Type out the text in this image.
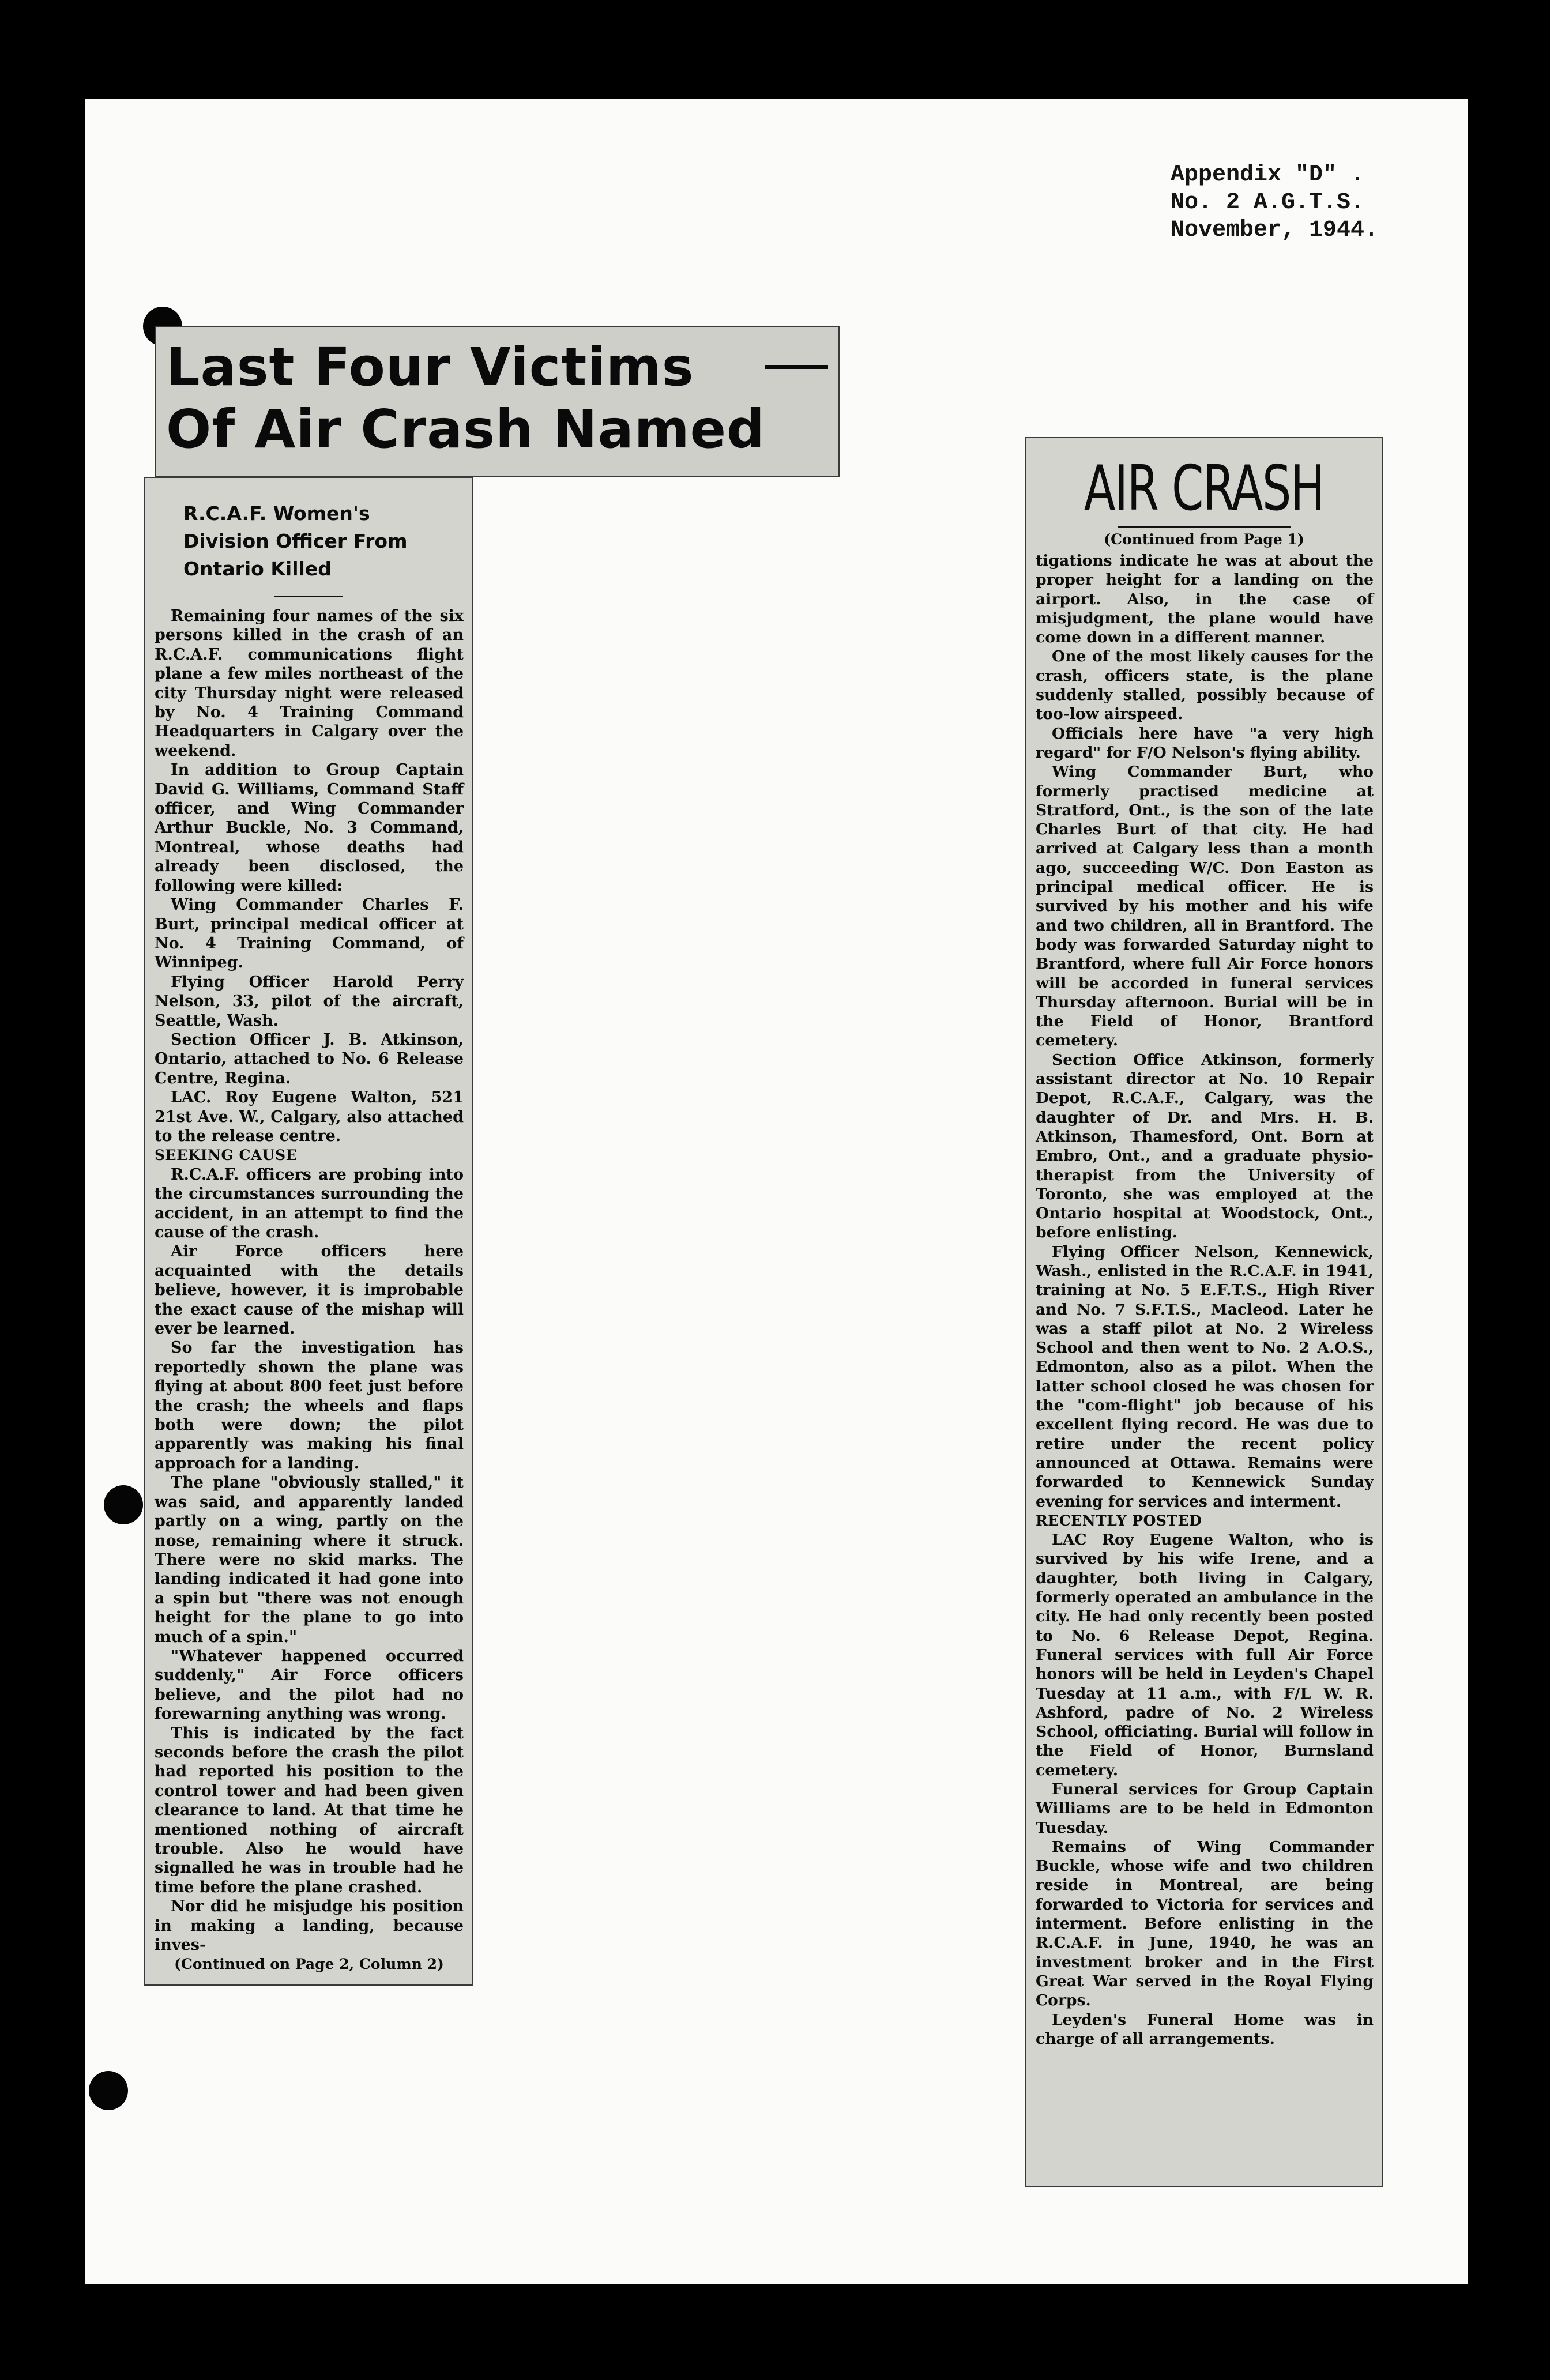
Appendix "D" .
No. 2 A.G.T.S.
November, 1944.
Last Four Victims
Of Air Crash Named
R.C.A.F. Women's Division Officer From Ontario Killed

Remaining four names of the six persons killed in the crash of an R.C.A.F. communications flight plane a few miles northeast of the city Thursday night were released by No. 4 Training Command Headquarters in Calgary over the weekend.

In addition to Group Captain David G. Williams, Command Staff officer, and Wing Commander Arthur Buckle, No. 3 Command, Montreal, whose deaths had already been disclosed, the following were killed:

Wing Commander Charles F. Burt, principal medical officer at No. 4 Training Command, of Winnipeg.

Flying Officer Harold Perry Nelson, 33, pilot of the aircraft, Seattle, Wash.

Section Officer J. B. Atkinson, Ontario, attached to No. 6 Release Centre, Regina.

LAC. Roy Eugene Walton, 521 21st Ave. W., Calgary, also attached to the release centre.

SEEKING CAUSE

R.C.A.F. officers are probing into the circumstances surrounding the accident, in an attempt to find the cause of the crash.

Air Force officers here acquainted with the details believe, however, it is improbable the exact cause of the mishap will ever be learned.

So far the investigation has reportedly shown the plane was flying at about 800 feet just before the crash; the wheels and flaps both were down; the pilot apparently was making his final approach for a landing.

The plane "obviously stalled," it was said, and apparently landed partly on a wing, partly on the nose, remaining where it struck. There were no skid marks. The landing indicated it had gone into a spin but "there was not enough height for the plane to go into much of a spin."

"Whatever happened occurred suddenly," Air Force officers believe, and the pilot had no forewarning anything was wrong.

This is indicated by the fact seconds before the crash the pilot had reported his position to the control tower and had been given clearance to land. At that time he mentioned nothing of aircraft trouble. Also he would have signalled he was in trouble had he time before the plane crashed.

Nor did he misjudge his position in making a landing, because inves-

(Continued on Page 2, Column 2)

AIR CRASH
(Continued from Page 1)

tigations indicate he was at about the proper height for a landing on the airport. Also, in the case of misjudgment, the plane would have come down in a different manner.

One of the most likely causes for the crash, officers state, is the plane suddenly stalled, possibly because of too-low airspeed.

Officials here have "a very high regard" for F/O Nelson's flying ability.

Wing Commander Burt, who formerly practised medicine at Stratford, Ont., is the son of the late Charles Burt of that city. He had arrived at Calgary less than a month ago, succeeding W/C. Don Easton as principal medical officer. He is survived by his mother and his wife and two children, all in Brantford. The body was forwarded Saturday night to Brantford, where full Air Force honors will be accorded in funeral services Thursday afternoon. Burial will be in the Field of Honor, Brantford cemetery.

Section Office Atkinson, formerly assistant director at No. 10 Repair Depot, R.C.A.F., Calgary, was the daughter of Dr. and Mrs. H. B. Atkinson, Thamesford, Ont. Born at Embro, Ont., and a graduate physio-therapist from the University of Toronto, she was employed at the Ontario hospital at Woodstock, Ont., before enlisting.

Flying Officer Nelson, Kennewick, Wash., enlisted in the R.C.A.F. in 1941, training at No. 5 E.F.T.S., High River and No. 7 S.F.T.S., Macleod. Later he was a staff pilot at No. 2 Wireless School and then went to No. 2 A.O.S., Edmonton, also as a pilot. When the latter school closed he was chosen for the "com-flight" job because of his excellent flying record. He was due to retire under the recent policy announced at Ottawa. Remains were forwarded to Kennewick Sunday evening for services and interment.

RECENTLY POSTED

LAC Roy Eugene Walton, who is survived by his wife Irene, and a daughter, both living in Calgary, formerly operated an ambulance in the city. He had only recently been posted to No. 6 Release Depot, Regina. Funeral services with full Air Force honors will be held in Leyden's Chapel Tuesday at 11 a.m., with F/L W. R. Ashford, padre of No. 2 Wireless School, officiating. Burial will follow in the Field of Honor, Burnsland cemetery.

Funeral services for Group Captain Williams are to be held in Edmonton Tuesday.

Remains of Wing Commander Buckle, whose wife and two children reside in Montreal, are being forwarded to Victoria for services and interment. Before enlisting in the R.C.A.F. in June, 1940, he was an investment broker and in the First Great War served in the Royal Flying Corps.

Leyden's Funeral Home was in charge of all arrangements.
